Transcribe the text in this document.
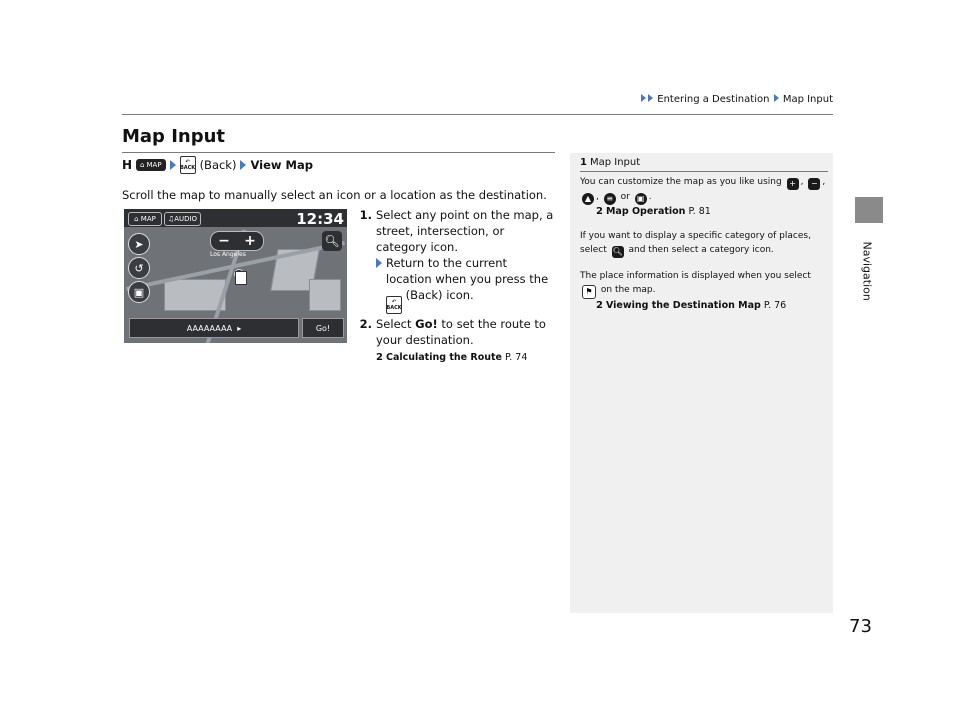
Entering a Destination Map Input
Navigation
Map Input
H	⌂ MAP	↶
BACK (Back) View Map
Scroll the map to manually select an icon or a location as the destination.
⌂ MAP	♫ AUDIO	12:34
− +	🔍︎
➤
↺
▣
Los Angeles
AAAAAAAA ▸	Go!
1. Select any point on the map, a street, intersection, or category icon.
Return to the current location when you press the ↶
BACK
(Back) icon.
2. Select Go! to set the route to your destination.
2 Calculating the Route P. 74
1 Map Input
You can customize the map as you like using + , − , ▲ , ≡ or ▣ .
2 Map Operation P. 81
If you want to display a specific category of places, select 🔍︎ and then select a category icon.
The place information is displayed when you select ⚑ on the map.
2 Viewing the Destination Map P. 76
73
